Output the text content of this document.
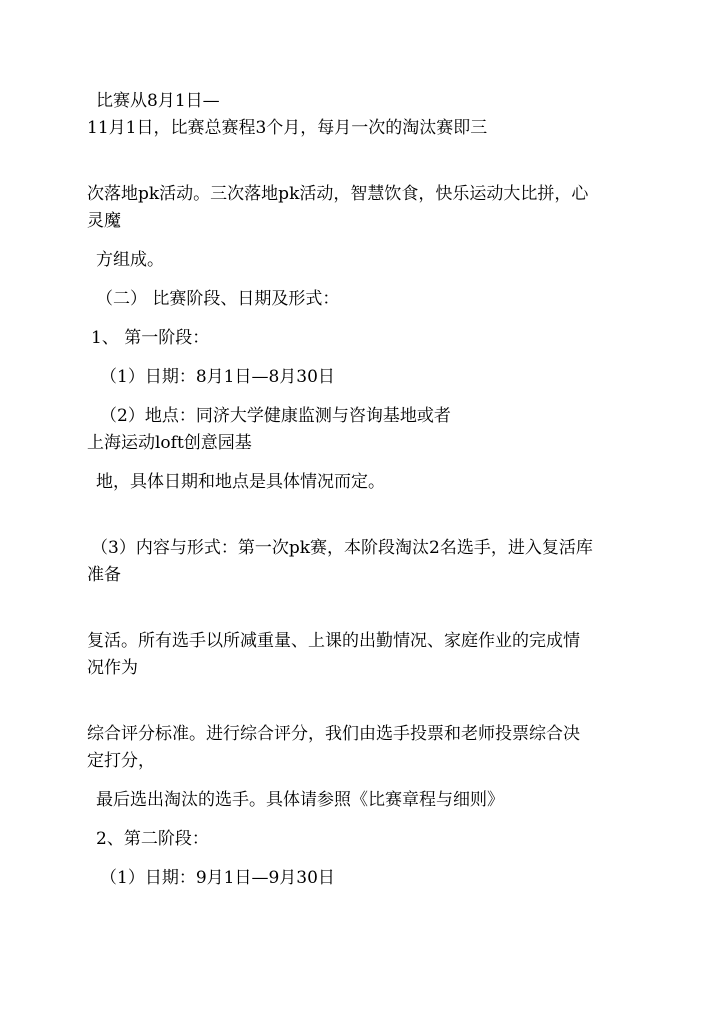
比赛从8月1日—
11月1日，比赛总赛程3个月，每月一次的淘汰赛即三
次落地pk活动。三次落地pk活动，智慧饮食，快乐运动大比拼，心
灵魔
方组成。
（二） 比赛阶段、日期及形式：
1、 第一阶段：
（1）日期：8月1日—8月30日
（2）地点：同济大学健康监测与咨询基地或者
上海运动loft创意园基
地，具体日期和地点是具体情况而定。
（3）内容与形式：第一次pk赛，本阶段淘汰2名选手，进入复活库
准备
复活。所有选手以所减重量、上课的出勤情况、家庭作业的完成情
况作为
综合评分标准。进行综合评分，我们由选手投票和老师投票综合决
定打分，
最后选出淘汰的选手。具体请参照《比赛章程与细则》
2、第二阶段：
（1）日期：9月1日—9月30日
